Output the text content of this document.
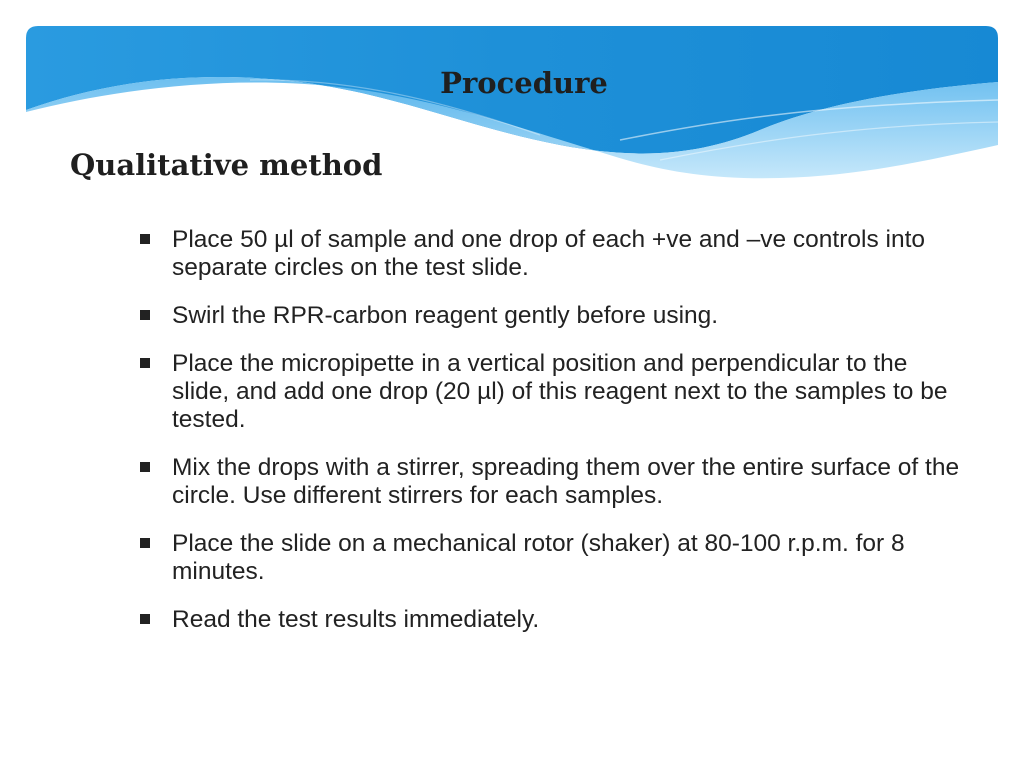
Procedure
Qualitative method
Place 50 µl of sample and one drop of each +ve and –ve controls into separate circles on the test slide.
Swirl the RPR-carbon reagent gently before using.
Place the micropipette in a vertical position and perpendicular to the slide, and add one drop (20 µl) of this reagent next to the samples to be tested.
Mix the drops with a stirrer, spreading them over the entire surface of the circle. Use different stirrers for each samples.
Place the slide on a mechanical rotor (shaker) at 80-100 r.p.m. for 8 minutes.
Read the test results immediately.
